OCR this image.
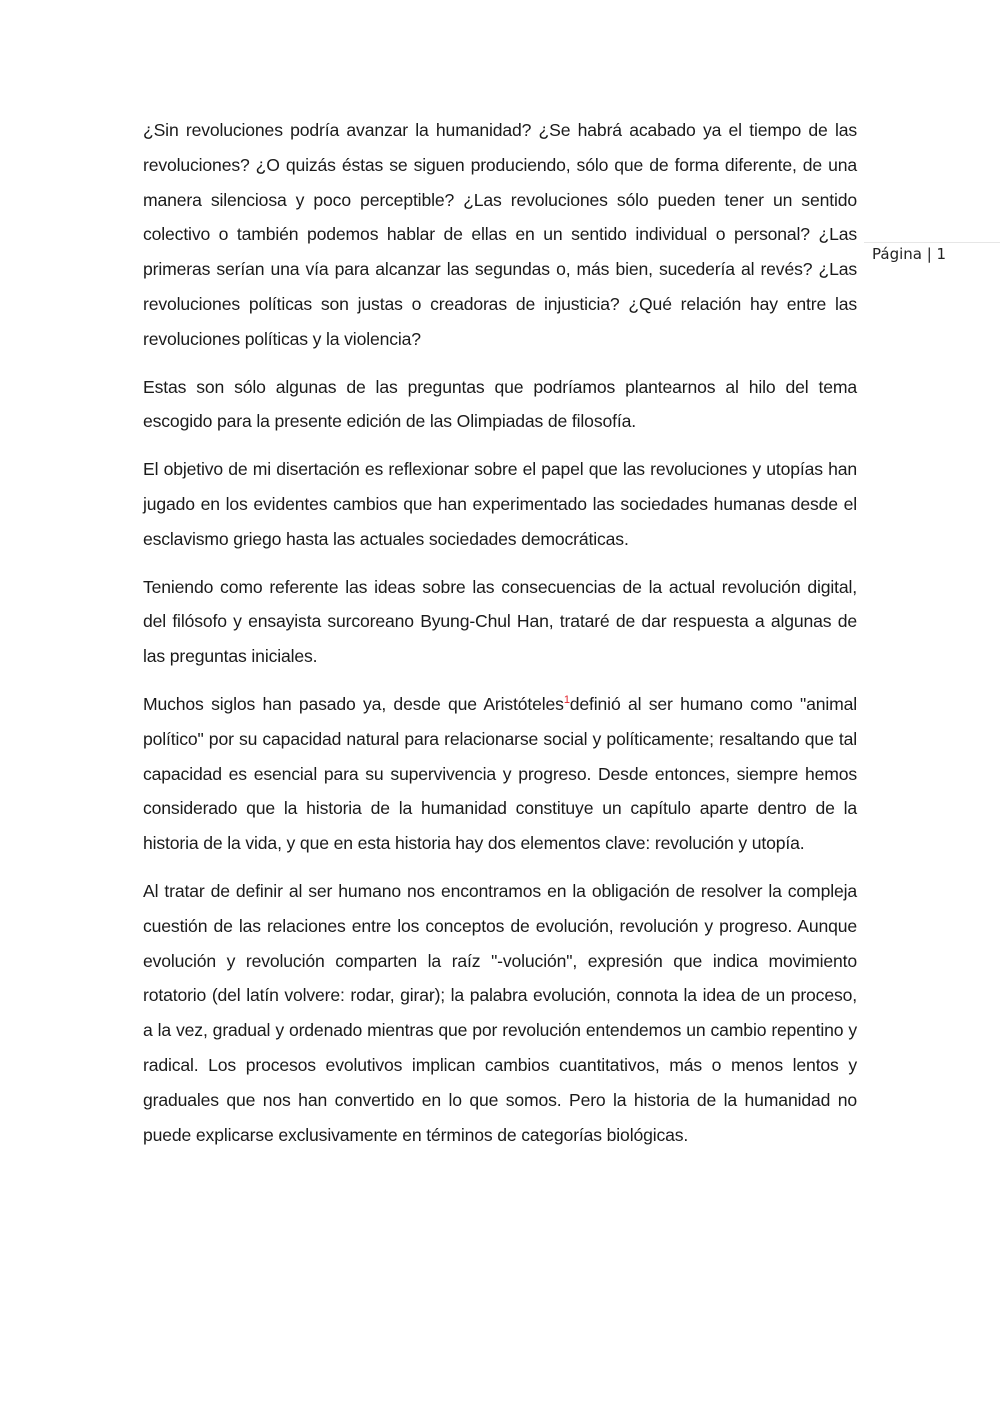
¿Sin revoluciones podría avanzar la humanidad? ¿Se habrá acabado ya el tiempo de las revoluciones? ¿O quizás éstas se siguen produciendo, sólo que de forma diferente, de una manera silenciosa y poco perceptible? ¿Las revoluciones sólo pueden tener un sentido colectivo o también podemos hablar de ellas en un sentido individual o personal? ¿Las primeras serían una vía para alcanzar las segundas o, más bien, sucedería al revés? ¿Las revoluciones políticas son justas o creadoras de injusticia? ¿Qué relación hay entre las revoluciones políticas y la violencia?

Estas son sólo algunas de las preguntas que podríamos plantearnos al hilo del tema escogido para la presente edición de las Olimpiadas de filosofía.

El objetivo de mi disertación es reflexionar sobre el papel que las revoluciones y utopías han jugado en los evidentes cambios que han experimentado las sociedades humanas desde el esclavismo griego hasta las actuales sociedades democráticas.

Teniendo como referente las ideas sobre las consecuencias de la actual revolución digital, del filósofo y ensayista surcoreano Byung-Chul Han, trataré de dar respuesta a algunas de las preguntas iniciales.

Muchos siglos han pasado ya, desde que Aristóteles$^1$definió al ser humano como "animal político" por su capacidad natural para relacionarse social y políticamente; resaltando que tal capacidad es esencial para su supervivencia y progreso. Desde entonces, siempre hemos considerado que la historia de la humanidad constituye un capítulo aparte dentro de la historia de la vida, y que en esta historia hay dos elementos clave: revolución y utopía.

Al tratar de definir al ser humano nos encontramos en la obligación de resolver la compleja cuestión de las relaciones entre los conceptos de evolución, revolución y progreso. Aunque evolución y revolución comparten la raíz "-volución", expresión que indica movimiento rotatorio (del latín volvere: rodar, girar); la palabra evolución, connota la idea de un proceso, a la vez, gradual y ordenado mientras que por revolución entendemos un cambio repentino y radical. Los procesos evolutivos implican cambios cuantitativos, más o menos lentos y graduales que nos han convertido en lo que somos. Pero la historia de la humanidad no puede explicarse exclusivamente en términos de categorías biológicas.

Página | 1
